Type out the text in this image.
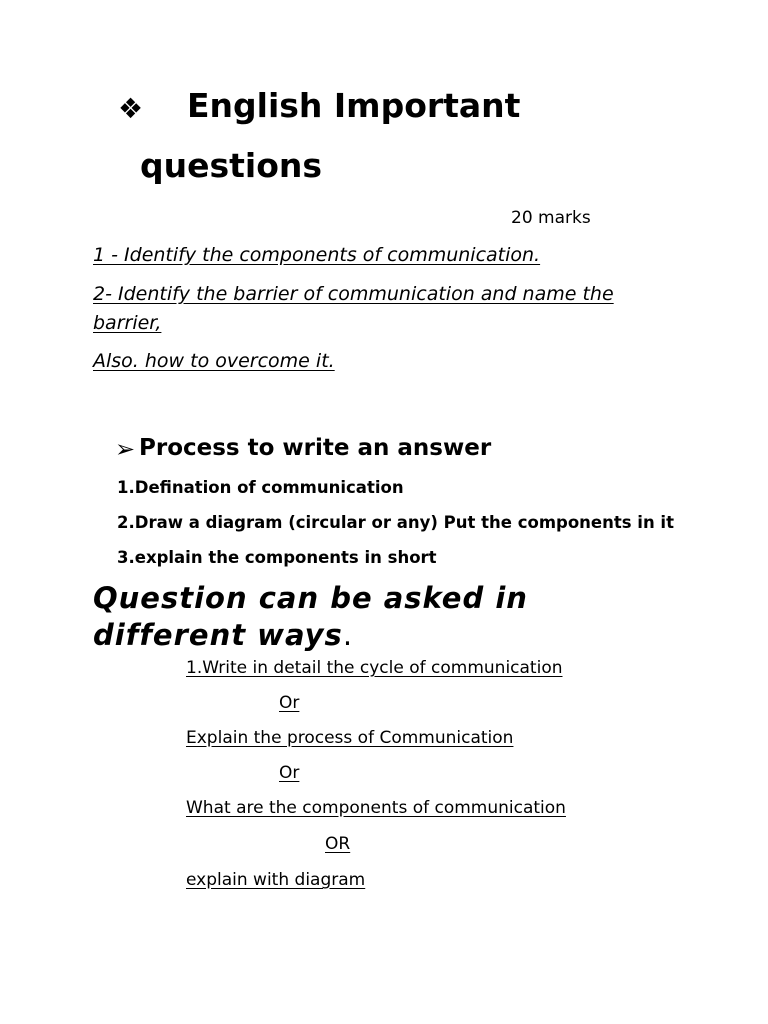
❖ English Important
questions
20 marks
1 - Identify the components of communication.
2- Identify the barrier of communication and name the
barrier,
Also. how to overcome it.
➢ Process to write an answer
1.Defination of communication
2.Draw a diagram (circular or any) Put the components in it
3.explain the components in short
Question can be asked in
different ways.
1.Write in detail the cycle of communication
Or
Explain the process of Communication
Or
What are the components of communication
OR
explain with diagram
